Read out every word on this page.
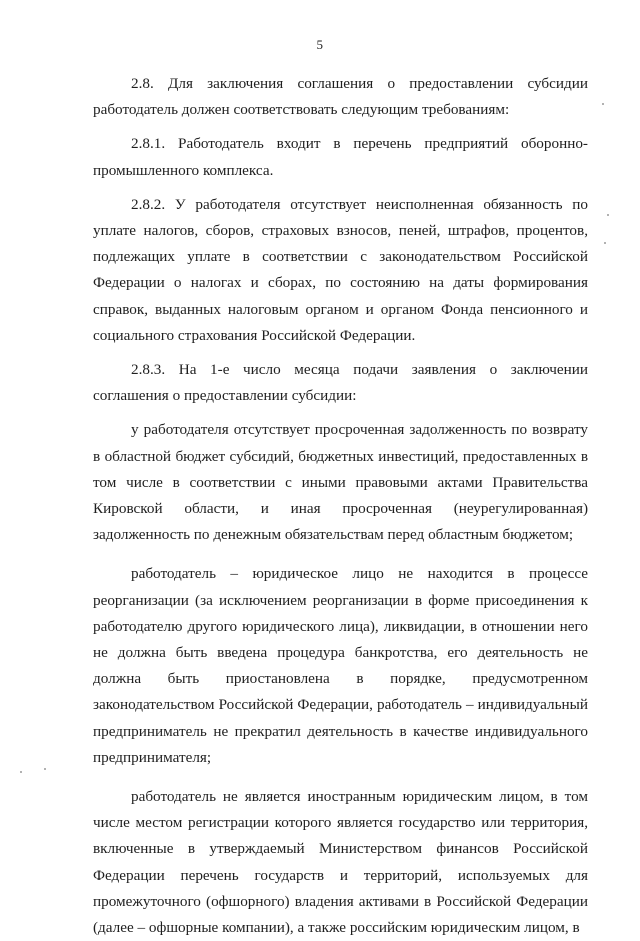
5

2.8. Для заключения соглашения о предоставлении субсидии работодатель должен соответствовать следующим требованиям:

2.8.1. Работодатель входит в перечень предприятий оборонно-промышленного комплекса.

2.8.2. У работодателя отсутствует неисполненная обязанность по уплате налогов, сборов, страховых взносов, пеней, штрафов, процентов, подлежащих уплате в соответствии с законодательством Российской Федерации о налогах и сборах, по состоянию на даты формирования справок, выданных налоговым органом и органом Фонда пенсионного и социального страхования Российской Федерации.

2.8.3. На 1-е число месяца подачи заявления о заключении соглашения о предоставлении субсидии:

у работодателя отсутствует просроченная задолженность по возврату в областной бюджет субсидий, бюджетных инвестиций, предоставленных в том числе в соответствии с иными правовыми актами Правительства Кировской области, и иная просроченная (неурегулированная) задолженность по денежным обязательствам перед областным бюджетом;

работодатель – юридическое лицо не находится в процессе реорганизации (за исключением реорганизации в форме присоединения к работодателю другого юридического лица), ликвидации, в отношении него не должна быть введена процедура банкротства, его деятельность не должна быть приостановлена в порядке, предусмотренном законодательством Российской Федерации, работодатель – индивидуальный предприниматель не прекратил деятельность в качестве индивидуального предпринимателя;

работодатель не является иностранным юридическим лицом, в том числе местом регистрации которого является государство или территория, включенные в утверждаемый Министерством финансов Российской Федерации перечень государств и территорий, используемых для промежуточного (офшорного) владения активами в Российской Федерации (далее – офшорные компании), а также российским юридическим лицом, в
